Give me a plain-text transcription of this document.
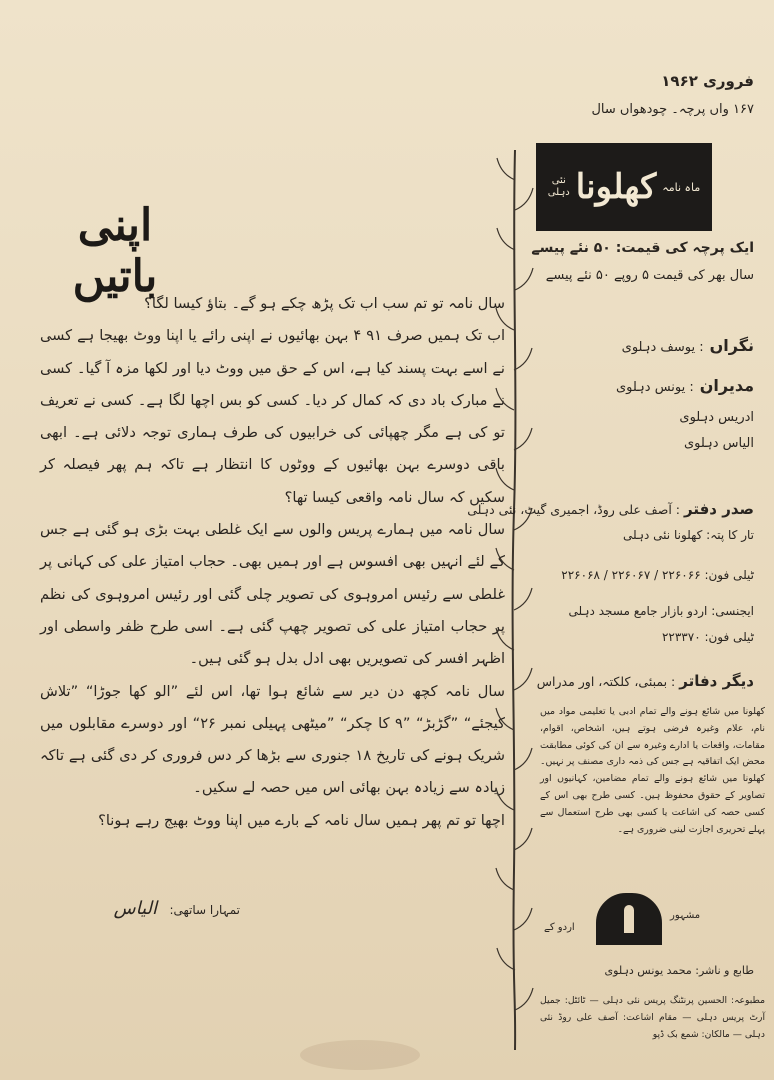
اپنی باتیں

سال نامہ تو تم سب اب تک پڑھ چکے ہو گے۔ بتاؤ کیسا لگا؟

اب تک ہمیں صرف ۹۱ ۴ بہن بھائیوں نے اپنی رائے یا اپنا ووٹ بھیجا ہے کسی نے اسے بہت پسند کیا ہے، اس کے حق میں ووٹ دیا اور لکھا مزہ آ گیا۔ کسی نے مبارک باد دی کہ کمال کر دیا۔ کسی کو بس اچھا لگا ہے۔ کسی نے تعریف تو کی ہے مگر چھپائی کی خرابیوں کی طرف ہماری توجہ دلائی ہے۔ ابھی باقی دوسرے بہن بھائیوں کے ووٹوں کا انتظار ہے تاکہ ہم پھر فیصلہ کر سکیں کہ سال نامہ واقعی کیسا تھا؟

سال نامہ میں ہمارے پریس والوں سے ایک غلطی بہت بڑی ہو گئی ہے جس کے لئے انہیں بھی افسوس ہے اور ہمیں بھی۔ حجاب امتیاز علی کی کہانی پر غلطی سے رئیس امروہوی کی تصویر چلی گئی اور رئیس امروہوی کی نظم پر حجاب امتیاز علی کی تصویر چھپ گئی ہے۔ اسی طرح ظفر واسطی اور اظہر افسر کی تصویریں بھی ادل بدل ہو گئی ہیں۔

سال نامہ کچھ دن دیر سے شائع ہوا تھا، اس لئے ”الو کھا جوڑا“ ”تلاش کیجئے“ ”گڑبڑ“ ”۹ کا چکر“ ”میٹھی پہیلی نمبر ۲۶“ اور دوسرے مقابلوں میں شریک ہونے کی تاریخ ۱۸ جنوری سے بڑھا کر دس فروری کر دی گئی ہے تاکہ زیادہ سے زیادہ بہن بھائی اس میں حصہ لے سکیں۔

اچھا تو تم پھر ہمیں سال نامہ کے بارے میں اپنا ووٹ بھیج رہے ہونا؟

تمہارا ساتھی: الیاس
فروری ۱۹۶۲
۱۶۷ واں پرچہ۔ چودھواں سال
ماہ نامہ
کھلونا
نئی
دہلی
ایک پرچہ کی قیمت: ۵۰ نئے پیسے
سال بھر کی قیمت ۵ روپے ۵۰ نئے پیسے
نگراں: یوسف دہلوی
مدیران: یونس دہلوی
ادریس دہلوی
الیاس دہلوی
صدر دفتر: آصف علی روڈ، اجمیری گیٹ، نئی دہلی
تار کا پتہ: کھلونا نئی دہلی
ٹیلی فون: ۲۲۶۰۶۶ / ۲۲۶۰۶۷ / ۲۲۶۰۶۸
ایجنسی: اردو بازار جامع مسجد دہلی
ٹیلی فون: ۲۲۳۳۷۰
دیگر دفاتر: بمبئی، کلکتہ، اور مدراس
کھلونا میں شائع ہونے والے تمام ادبی یا تعلیمی مواد میں نام، علام وغیرہ فرضی ہوتے ہیں، اشخاص، اقوام، مقامات، واقعات یا ادارے وغیرہ سے ان کی کوئی مطابقت محض ایک اتفاقیہ ہے جس کی ذمہ داری مصنف پر نہیں۔ کھلونا میں شائع ہونے والے تمام مضامین، کہانیوں اور تصاویر کے حقوق محفوظ ہیں۔ کسی طرح بھی اس کے کسی حصہ کی اشاعت یا کسی بھی طرح استعمال سے پہلے تحریری اجازت لینی ضروری ہے۔
اردو کے
مشہور
طابع و ناشر: محمد یونس دہلوی
مطبوعہ: الحسین پرنٹنگ پریس نئی دہلی — ٹائٹل: جمیل آرٹ پریس دہلی — مقام اشاعت: آصف علی روڈ نئی دہلی — مالکان: شمع بک ڈپو
